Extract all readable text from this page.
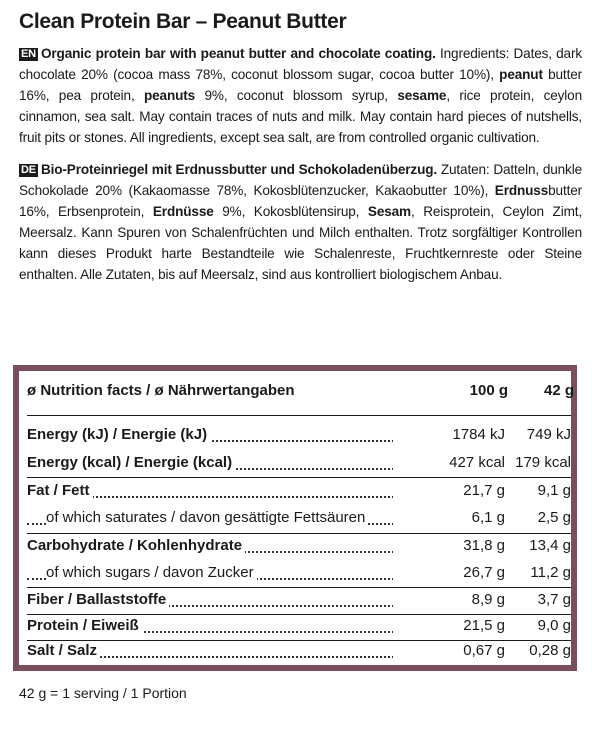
Clean Protein Bar – Peanut Butter
EN Organic protein bar with peanut butter and chocolate coating. Ingredients: Dates, dark chocolate 20% (cocoa mass 78%, coconut blossom sugar, cocoa butter 10%), peanut butter 16%, pea protein, peanuts 9%, coconut blossom syrup, sesame, rice protein, ceylon cinnamon, sea salt. May contain traces of nuts and milk. May contain hard pieces of nutshells, fruit pits or stones. All ingredients, except sea salt, are from controlled organic cultivation.
DE Bio-Proteinriegel mit Erdnussbutter und Schokoladenüberzug. Zutaten: Datteln, dunkle Schokolade 20% (Kakaomasse 78%, Kokosblütenzucker, Kakaobutter 10%), Erdnussbutter 16%, Erbsenprotein, Erdnüsse 9%, Kokosblütensirup, Sesam, Reisprotein, Ceylon Zimt, Meersalz. Kann Spuren von Schalenfrüchten und Milch enthalten. Trotz sorgfältiger Kontrollen kann dieses Produkt harte Bestandteile wie Schalenreste, Fruchtkernreste oder Steine enthalten. Alle Zutaten, bis auf Meersalz, sind aus kontrolliert biologischem Anbau.
ø Nutrition facts / ø Nährwertangaben	100 g 42 g
Energy (kJ) / Energie (kJ)	1784 kJ	749 kJ
Energy (kcal) / Energie (kcal)	427 kcal 179 kcal
Fat / Fett	21,7 g	9,1 g
of which saturates / davon gesättigte Fettsäuren	6,1 g	2,5 g
Carbohydrate / Kohlenhydrate	31,8 g	13,4 g
of which sugars / davon Zucker	26,7 g	11,2 g
Fiber / Ballaststoffe	8,9 g	3,7 g
Protein / Eiweiß	21,5 g	9,0 g
Salt / Salz	0,67 g	0,28 g
42 g = 1 serving / 1 Portion
